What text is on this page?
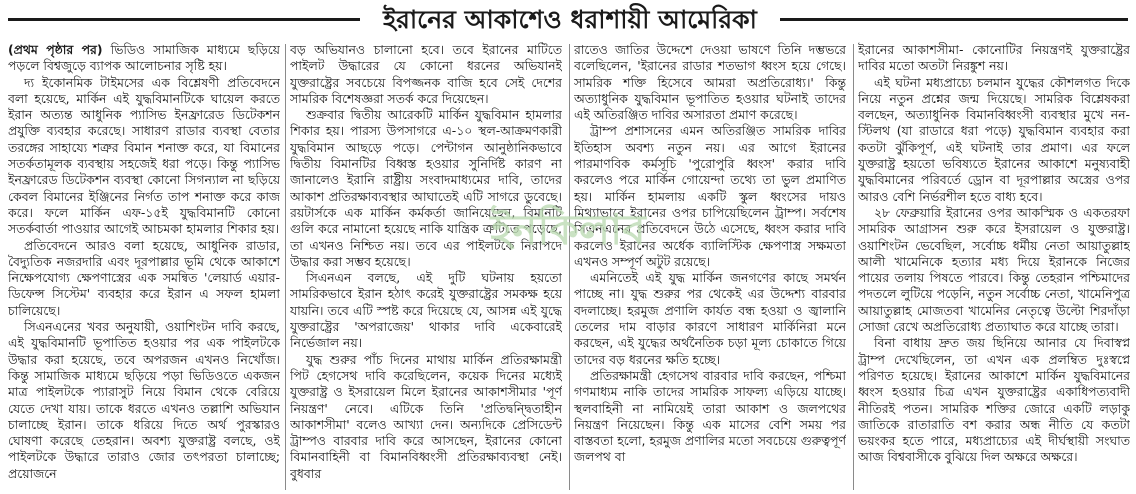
ইরানের আকাশেও ধরাশায়ী আমেরিকা

(প্রথম পৃষ্ঠার পর) ভিডিও সামাজিক মাধ্যমে ছড়িয়ে পড়লে বিশ্বজুড়ে ব্যাপক আলোচনার সৃষ্টি হয়।

দ্য ইকোনমিক টাইমসের এক বিশ্লেষণী প্রতিবেদনে বলা হয়েছে, মার্কিন এই যুদ্ধবিমানটিকে ঘায়েল করতে ইরান অত্যন্ত আধুনিক প্যাসিভ ইনফ্রারেড ডিটেকশন প্রযুক্তি ব্যবহার করেছে। সাধারণ রাডার ব্যবস্থা বেতার তরঙ্গের সাহায্যে শত্রুর বিমান শনাক্ত করে, যা বিমানের সতর্কতামূলক ব্যবস্থায় সহজেই ধরা পড়ে। কিন্তু প্যাসিভ ইনফ্রারেড ডিটেকশন ব্যবস্থা কোনো সিগন্যাল না ছড়িয়ে কেবল বিমানের ইঞ্জিনের নির্গত তাপ শনাক্ত করে কাজ করে। ফলে মার্কিন এফ-১৫ই যুদ্ধবিমানটি কোনো সতর্কবার্তা পাওয়ার আগেই আচমকা হামলার শিকার হয়।

প্রতিবেদনে আরও বলা হয়েছে, আধুনিক রাডার, বৈদ্যুতিক নজরদারি এবং দূরপাল্লার ভূমি থেকে আকাশে নিক্ষেপযোগ্য ক্ষেপণাস্ত্রের এক সমন্বিত 'লেয়ার্ড এয়ার-ডিফেন্স সিস্টেম' ব্যবহার করে ইরান এ সফল হামলা চালিয়েছে।

সিএনএনের খবর অনুযায়ী, ওয়াশিংটন দাবি করছে, এই যুদ্ধবিমানটি ভূপাতিত হওয়ার পর এক পাইলটকে উদ্ধার করা হয়েছে, তবে অপরজন এখনও নিখোঁজ। কিন্তু সামাজিক মাধ্যমে ছড়িয়ে পড়া ভিডিওতে একজন মাত্র পাইলটকে প্যারাসুট নিয়ে বিমান থেকে বেরিয়ে যেতে দেখা যায়। তাকে ধরতে এখনও তল্লাশি অভিযান চালাচ্ছে ইরান। তাকে ধরিয়ে দিতে অর্থ পুরস্কারও ঘোষণা করেছে তেহরান। অবশ্য যুক্তরাষ্ট্র বলছে, ওই পাইলটকে উদ্ধারে তারাও জোর তৎপরতা চালাচ্ছে; প্রয়োজনে

বড় অভিযানও চালানো হবে। তবে ইরানের মাটিতে পাইলট উদ্ধারের যে কোনো ধরনের অভিযানই যুক্তরাষ্ট্রের সবচেয়ে বিপজ্জনক বাজি হবে সেই দেশের সামরিক বিশেষজ্ঞরা সতর্ক করে দিয়েছেন।

শুক্রবার দ্বিতীয় আরেকটি মার্কিন যুদ্ধবিমান হামলার শিকার হয়। পারস্য উপসাগরে এ-১০ স্থল-আক্রমণকারী যুদ্ধবিমান আছড়ে পড়ে। পেন্টাগন আনুষ্ঠানিকভাবে দ্বিতীয় বিমানটির বিধ্বস্ত হওয়ার সুনির্দিষ্ট কারণ না জানালেও ইরানি রাষ্ট্রীয় সংবাদমাধ্যমের দাবি, তাদের আকাশ প্রতিরক্ষাব্যবস্থার আঘাতেই এটি সাগরে ডুবেছে। রয়টার্সকে এক মার্কিন কর্মকর্তা জানিয়েছেন, বিমানটি গুলি করে নামানো হয়েছে নাকি যান্ত্রিক ত্রুটিতে পড়েছে, তা এখনও নিশ্চিত নয়। তবে এর পাইলটকে নিরাপদে উদ্ধার করা সম্ভব হয়েছে।

সিএনএন বলছে, এই দুটি ঘটনায় হয়তো সামরিকভাবে ইরান হঠাৎ করেই যুক্তরাষ্ট্রের সমকক্ষ হয়ে যায়নি। তবে এটি স্পষ্ট করে দিয়েছে যে, আসন্ন এই যুদ্ধে যুক্তরাষ্ট্রের 'অপরাজেয়' থাকার দাবি একেবারেই নির্ভেজাল নয়।

যুদ্ধ শুরুর পাঁচ দিনের মাথায় মার্কিন প্রতিরক্ষামন্ত্রী পিট হেগসেথ দাবি করেছিলেন, কয়েক দিনের মধ্যেই যুক্তরাষ্ট্র ও ইসরায়েল মিলে ইরানের আকাশসীমার 'পূর্ণ নিয়ন্ত্রণ' নেবে। এটিকে তিনি 'প্রতিদ্বন্দ্বিতাহীন আকাশসীমা' বলেও আখ্যা দেন। অন্যদিকে প্রেসিডেন্ট ট্রাম্পও বারবার দাবি করে আসছেন, ইরানের কোনো বিমানবাহিনী বা বিমানবিধ্বংসী প্রতিরক্ষাব্যবস্থা নেই। বুধবার

রাতেও জাতির উদ্দেশে দেওয়া ভাষণে তিনি দম্ভভরে বলেছিলেন, 'ইরানের রাডার শতভাগ ধ্বংস হয়ে গেছে। সামরিক শক্তি হিসেবে আমরা অপ্রতিরোধ্য।' কিন্তু অত্যাধুনিক যুদ্ধবিমান ভূপাতিত হওয়ার ঘটনাই তাদের এই অতিরঞ্জিত দাবির অসারতা প্রমাণ করেছে।

ট্রাম্প প্রশাসনের এমন অতিরঞ্জিত সামরিক দাবির ইতিহাস অবশ্য নতুন নয়। এর আগে ইরানের পারমাণবিক কর্মসূচি 'পুরোপুরি ধ্বংস' করার দাবি করলেও পরে মার্কিন গোয়েন্দা তথ্যে তা ভুল প্রমাণিত হয়। মার্কিন হামলায় একটি স্কুল ধ্বংসের দায়ও মিথ্যাভাবে ইরানের ওপর চাপিয়েছিলেন ট্রাম্প। সর্বশেষ সিএনএনের প্রতিবেদনে উঠে এসেছে, ধ্বংস করার দাবি করলেও ইরানের অর্ধেক ব্যালিস্টিক ক্ষেপণাস্ত্র সক্ষমতা এখনও সম্পূর্ণ অটুট রয়েছে।

এমনিতেই এই যুদ্ধ মার্কিন জনগণের কাছে সমর্থন পাচ্ছে না। যুদ্ধ শুরুর পর থেকেই এর উদ্দেশ্য বারবার বদলাচ্ছে। হরমুজ প্রণালি কার্যত বন্ধ হওয়া ও জ্বালানি তেলের দাম বাড়ার কারণে সাধারণ মার্কিনিরা মনে করছেন, এই যুদ্ধের অর্থনৈতিক চড়া মূল্য চোকাতে গিয়ে তাদের বড় ধরনের ক্ষতি হচ্ছে।

প্রতিরক্ষামন্ত্রী হেগসেথ বারবার দাবি করছেন, পশ্চিমা গণমাধ্যম নাকি তাদের সামরিক সাফল্য এড়িয়ে যাচ্ছে। স্থলবাহিনী না নামিয়েই তারা আকাশ ও জলপথের নিয়ন্ত্রণ নিয়েছেন। কিন্তু এক মাসের বেশি সময় পর বাস্তবতা হলো, হরমুজ প্রণালির মতো সবচেয়ে গুরুত্বপূর্ণ জলপথ বা

ইরানের আকাশসীমা- কোনোটির নিয়ন্ত্রণই যুক্তরাষ্ট্রের দাবির মতো অতটা নিরঙ্কুশ নয়।

এই ঘটনা মধ্যপ্রাচ্যে চলমান যুদ্ধের কৌশলগত দিকে নিয়ে নতুন প্রশ্নের জন্ম দিয়েছে। সামরিক বিশ্লেষকরা বলছেন, অত্যাধুনিক বিমানবিধ্বংসী ব্যবস্থার মুখে নন-স্টিলথ (যা রাডারে ধরা পড়ে) যুদ্ধবিমান ব্যবহার করা কতটা ঝুঁকিপূর্ণ, এই ঘটনাই তার প্রমাণ। এর ফলে যুক্তরাষ্ট্র হয়তো ভবিষ্যতে ইরানের আকাশে মনুষ্যবাহী যুদ্ধবিমানের পরিবর্তে ড্রোন বা দূরপাল্লার অস্ত্রের ওপর আরও বেশি নির্ভরশীল হতে বাধ্য হবে।

২৮ ফেব্রুয়ারি ইরানের ওপর আকস্মিক ও একতরফা সামরিক আগ্রাসন শুরু করে ইসরায়েল ও যুক্তরাষ্ট্র। ওয়াশিংটন ভেবেছিল, সর্বোচ্চ ধর্মীয় নেতা আয়াতুল্লাহ আলী খামেনিকে হত্যার মধ্য দিয়ে ইরানকে নিজের পায়ের তলায় পিষতে পারবে। কিন্তু তেহরান পশ্চিমাদের পদতলে লুটিয়ে পড়েনি, নতুন সর্বোচ্চ নেতা, খামেনিপুত্র আয়াতুল্লাহ মোজতবা খামেনির নেতৃত্বে উল্টো শিরদাঁড়া সোজা রেখে অপ্রতিরোধ্য প্রত্যাঘাত করে যাচ্ছে তারা।

বিনা বাধায় দ্রুত জয় ছিনিয়ে আনার যে দিবাস্বপ্ন ট্রাম্প দেখেছিলেন, তা এখন এক প্রলম্বিত দুঃস্বপ্নে পরিণত হয়েছে। ইরানের আকাশে মার্কিন যুদ্ধবিমানের ধ্বংস হওয়ার চিত্র এখন যুক্তরাষ্ট্রের একাধিপত্যবাদী নীতিরই পতন। সামরিক শক্তির জোরে একটি লড়াকু জাতিকে রাতারাতি বশ করার অন্ধ নীতি যে কতটা ভয়ংকর হতে পারে, মধ্যপ্রাচ্যের এই দীর্ঘস্থায়ী সংঘাত আজ বিশ্ববাসীকে বুঝিয়ে দিল অক্ষরে অক্ষরে।

ইনকিলাব
